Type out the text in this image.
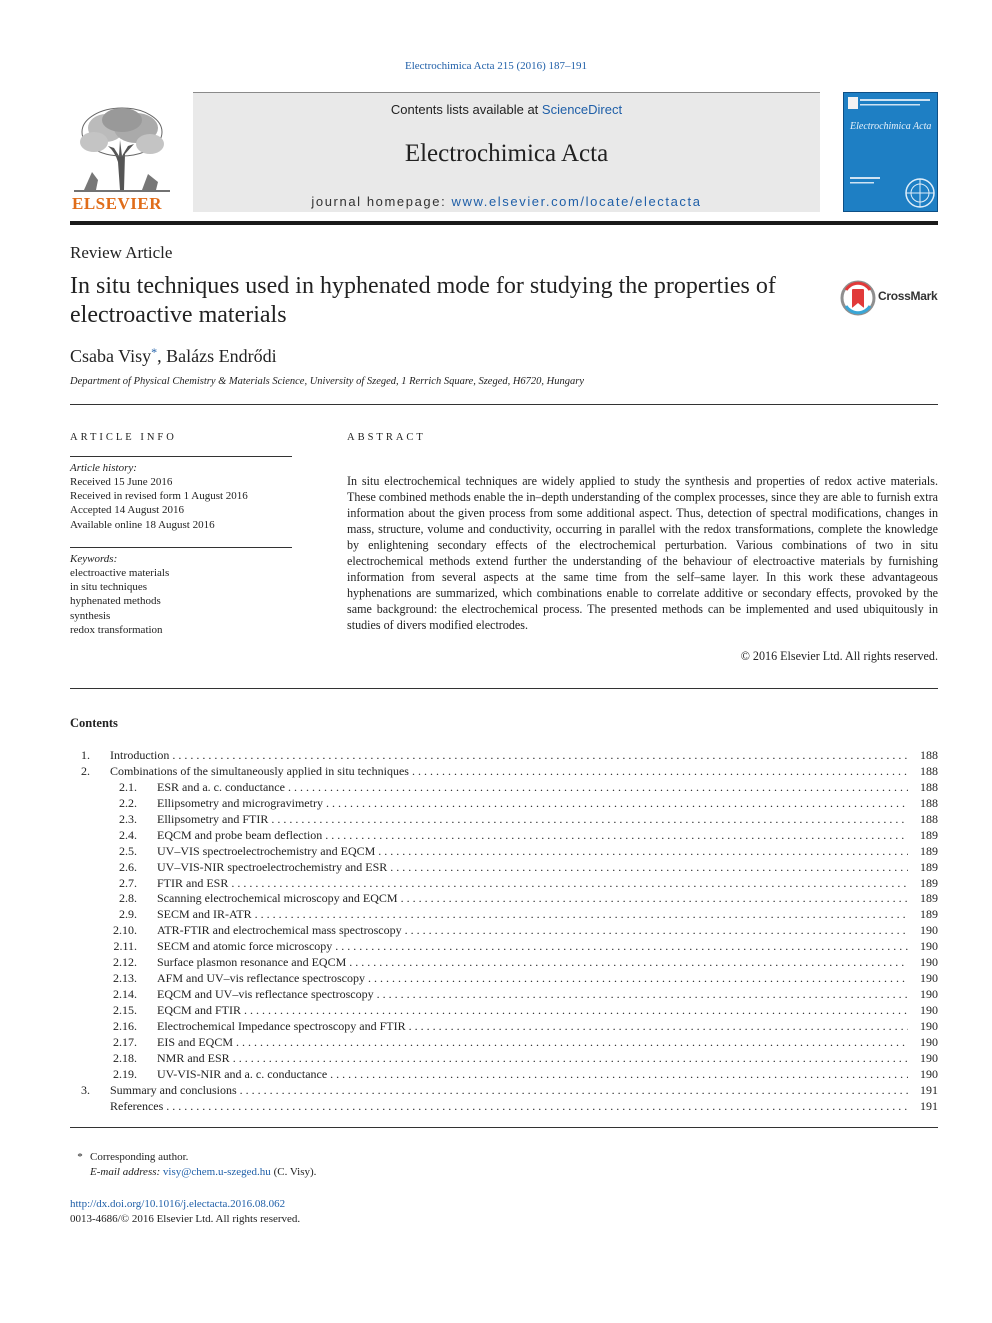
Electrochimica Acta 215 (2016) 187–191
ELSEVIER
Contents lists available at ScienceDirect
Electrochimica Acta
journal homepage: www.elsevier.com/locate/electacta
Electrochimica Acta
Review Article
In situ techniques used in hyphenated mode for studying the properties of electroactive materials
CrossMark
Csaba Visy*, Balázs Endrődi
Department of Physical Chemistry & Materials Science, University of Szeged, 1 Rerrich Square, Szeged, H6720, Hungary
ARTICLE INFO
Article history:
Received 15 June 2016
Received in revised form 1 August 2016
Accepted 14 August 2016
Available online 18 August 2016
Keywords:
electroactive materials
in situ techniques
hyphenated methods
synthesis
redox transformation
ABSTRACT
In situ electrochemical techniques are widely applied to study the synthesis and properties of redox active materials. These combined methods enable the in–depth understanding of the complex processes, since they are able to furnish extra information about the given process from some additional aspect. Thus, detection of spectral modifications, changes in mass, structure, volume and conductivity, occurring in parallel with the redox transformations, complete the knowledge by enlightening secondary effects of the electrochemical perturbation. Various combinations of two in situ electrochemical methods extend further the understanding of the behaviour of electroactive materials by furnishing information from several aspects at the same time from the self–same layer. In this work these advantageous hyphenations are summarized, which combinations enable to correlate additive or secondary effects, provoked by the same background: the electrochemical process. The presented methods can be implemented and used ubiquitously in studies of divers modified electrodes.
© 2016 Elsevier Ltd. All rights reserved.
Contents
1. Introduction . . .	188
2. Combinations of the simultaneously applied in situ techniques . . .	188
2.1. ESR and a. c. conductance . . .	188
2.2. Ellipsometry and microgravimetry . . .	188
2.3. Ellipsometry and FTIR . . .	188
2.4. EQCM and probe beam deflection . . .	189
2.5. UV–VIS spectroelectrochemistry and EQCM . . .	189
2.6. UV–VIS-NIR spectroelectrochemistry and ESR . . .	189
2.7. FTIR and ESR . . .	189
2.8. Scanning electrochemical microscopy and EQCM . . .	189
2.9. SECM and IR-ATR . . .	189
2.10. ATR-FTIR and electrochemical mass spectroscopy . . .	190
2.11. SECM and atomic force microscopy . . .	190
2.12. Surface plasmon resonance and EQCM . . .	190
2.13. AFM and UV–vis reflectance spectroscopy . . .	190
2.14. EQCM and UV–vis reflectance spectroscopy . . .	190
2.15. EQCM and FTIR . . .	190
2.16. Electrochemical Impedance spectroscopy and FTIR . . .	190
2.17. EIS and EQCM . . .	190
2.18. NMR and ESR . . .	190
2.19. UV-VIS-NIR and a. c. conductance . . .	190
3. Summary and conclusions . . .	191
References . . .	191
* Corresponding author.
E-mail address: visy@chem.u-szeged.hu (C. Visy).
http://dx.doi.org/10.1016/j.electacta.2016.08.062
0013-4686/© 2016 Elsevier Ltd. All rights reserved.
